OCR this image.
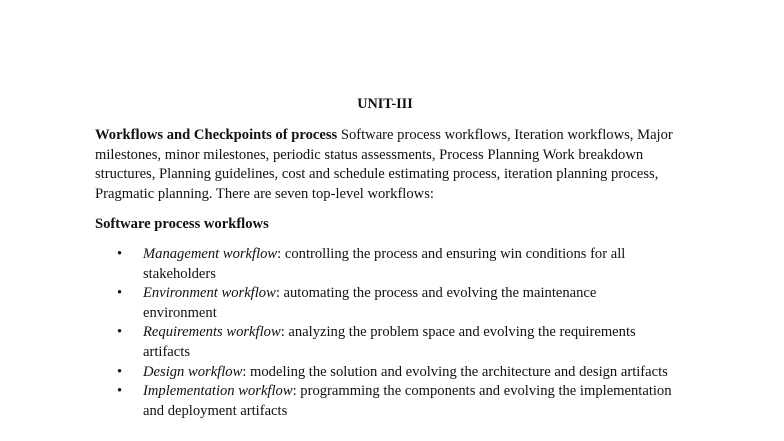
UNIT-III

Workflows and Checkpoints of process Software process workflows, Iteration workflows, Major milestones, minor milestones, periodic status assessments, Process Planning Work breakdown structures, Planning guidelines, cost and schedule estimating process, iteration planning process, Pragmatic planning. There are seven top-level workflows:

Software process workflows
• Management workflow: controlling the process and ensuring win conditions for all stakeholders
• Environment workflow: automating the process and evolving the maintenance environment
• Requirements workflow: analyzing the problem space and evolving the requirements artifacts
• Design workflow: modeling the solution and evolving the architecture and design artifacts
• Implementation workflow: programming the components and evolving the implementation and deployment artifacts
